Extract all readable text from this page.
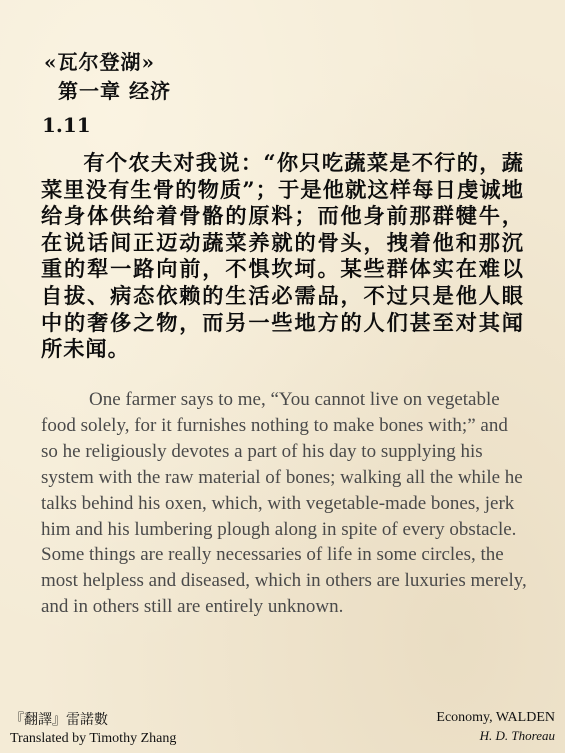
«瓦尔登湖»
第一章 经济
1.11

有个农夫对我说：“你只吃蔬菜是不行的，蔬菜里没有生骨的物质”；于是他就这样每日虔诚地给身体供给着骨骼的原料；而他身前那群犍牛，在说话间正迈动蔬菜养就的骨头，拽着他和那沉重的犁一路向前，不惧坎坷。某些群体实在难以自拔、病态依赖的生活必需品，不过只是他人眼中的奢侈之物，而另一些地方的人们甚至对其闻所未闻。

One farmer says to me, “You cannot live on vegetable food solely, for it furnishes nothing to make bones with;” and so he religiously devotes a part of his day to supplying his system with the raw material of bones; walking all the while he talks behind his oxen, which, with vegetable-made bones, jerk him and his lumbering plough along in spite of every obstacle. Some things are really necessaries of life in some circles, the most helpless and diseased, which in others are luxuries merely, and in others still are entirely unknown.

『翻譯』雷諾數
Translated by Timothy Zhang
Economy, WALDEN
H. D. Thoreau
